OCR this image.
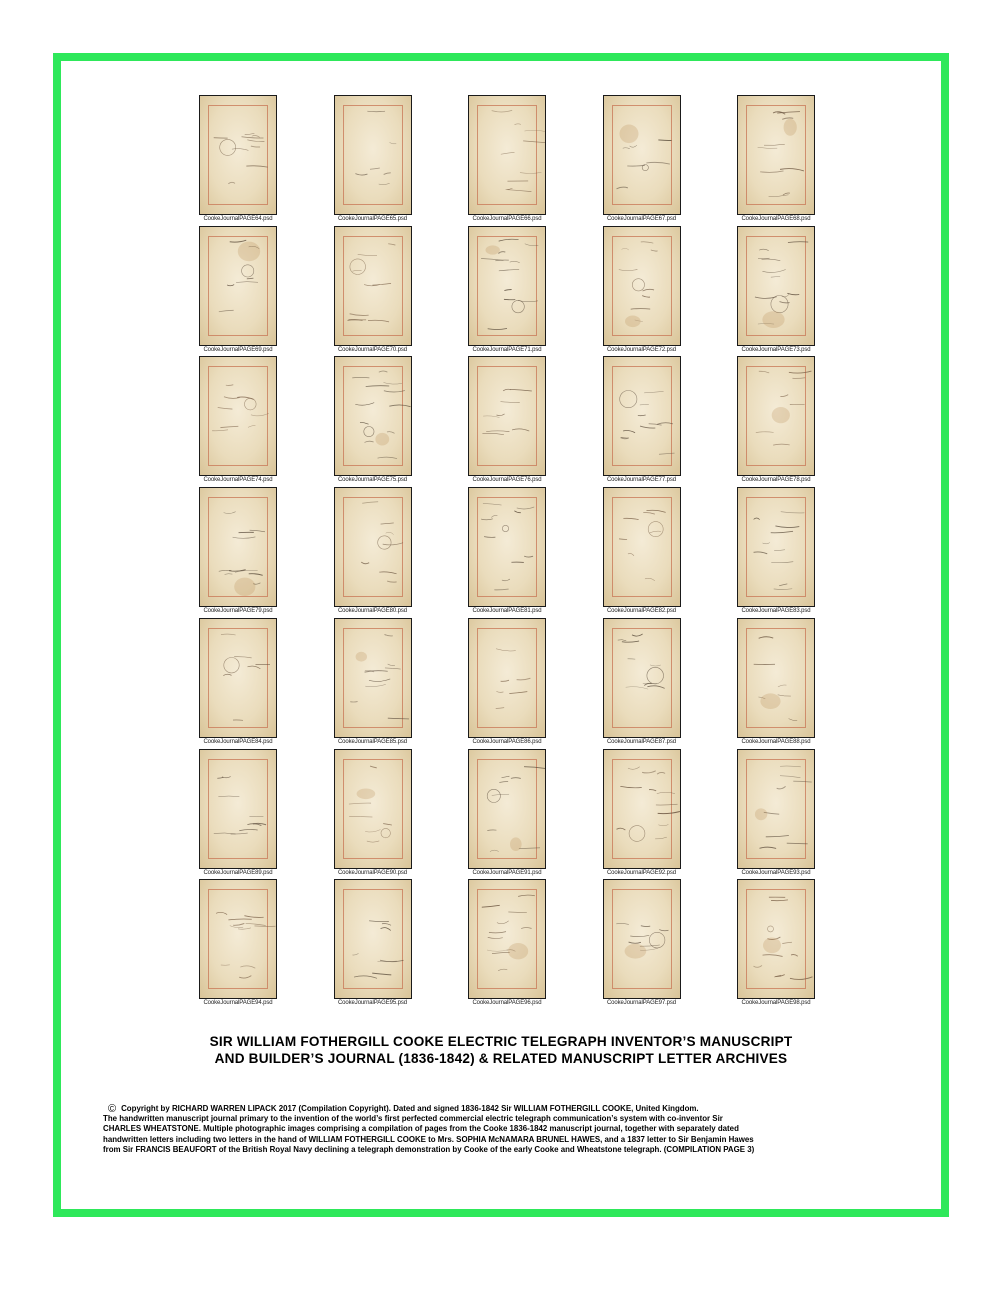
CookeJournalPAGE64.psd	CookeJournalPAGE65.psd	CookeJournalPAGE66.psd	CookeJournalPAGE67.psd	CookeJournalPAGE68.psd
CookeJournalPAGE69.psd	CookeJournalPAGE70.psd	CookeJournalPAGE71.psd	CookeJournalPAGE72.psd	CookeJournalPAGE73.psd
CookeJournalPAGE74.psd	CookeJournalPAGE75.psd	CookeJournalPAGE76.psd	CookeJournalPAGE77.psd	CookeJournalPAGE78.psd
CookeJournalPAGE79.psd	CookeJournalPAGE80.psd	CookeJournalPAGE81.psd	CookeJournalPAGE82.psd	CookeJournalPAGE83.psd
CookeJournalPAGE84.psd	CookeJournalPAGE85.psd	CookeJournalPAGE86.psd	CookeJournalPAGE87.psd	CookeJournalPAGE88.psd
CookeJournalPAGE89.psd	CookeJournalPAGE90.psd	CookeJournalPAGE91.psd	CookeJournalPAGE92.psd	CookeJournalPAGE93.psd
CookeJournalPAGE94.psd	CookeJournalPAGE95.psd	CookeJournalPAGE96.psd	CookeJournalPAGE97.psd	CookeJournalPAGE98.psd
SIR WILLIAM FOTHERGILL COOKE ELECTRIC TELEGRAPH INVENTOR’S MANUSCRIPT
AND BUILDER’S JOURNAL (1836-1842) & RELATED MANUSCRIPT LETTER ARCHIVES
© Copyright by RICHARD WARREN LIPACK 2017 (Compilation Copyright). Dated and signed 1836-1842 Sir WILLIAM FOTHERGILL COOKE, United Kingdom.
The handwritten manuscript journal primary to the invention of the world’s first perfected commercial electric telegraph communication’s system with co-inventor Sir
CHARLES WHEATSTONE. Multiple photographic images comprising a compilation of pages from the Cooke 1836-1842 manuscript journal, together with separately dated
handwritten letters including two letters in the hand of WILLIAM FOTHERGILL COOKE to Mrs. SOPHIA McNAMARA BRUNEL HAWES, and a 1837 letter to Sir Benjamin Hawes
from Sir FRANCIS BEAUFORT of the British Royal Navy declining a telegraph demonstration by Cooke of the early Cooke and Wheatstone telegraph. (COMPILATION PAGE 3)
